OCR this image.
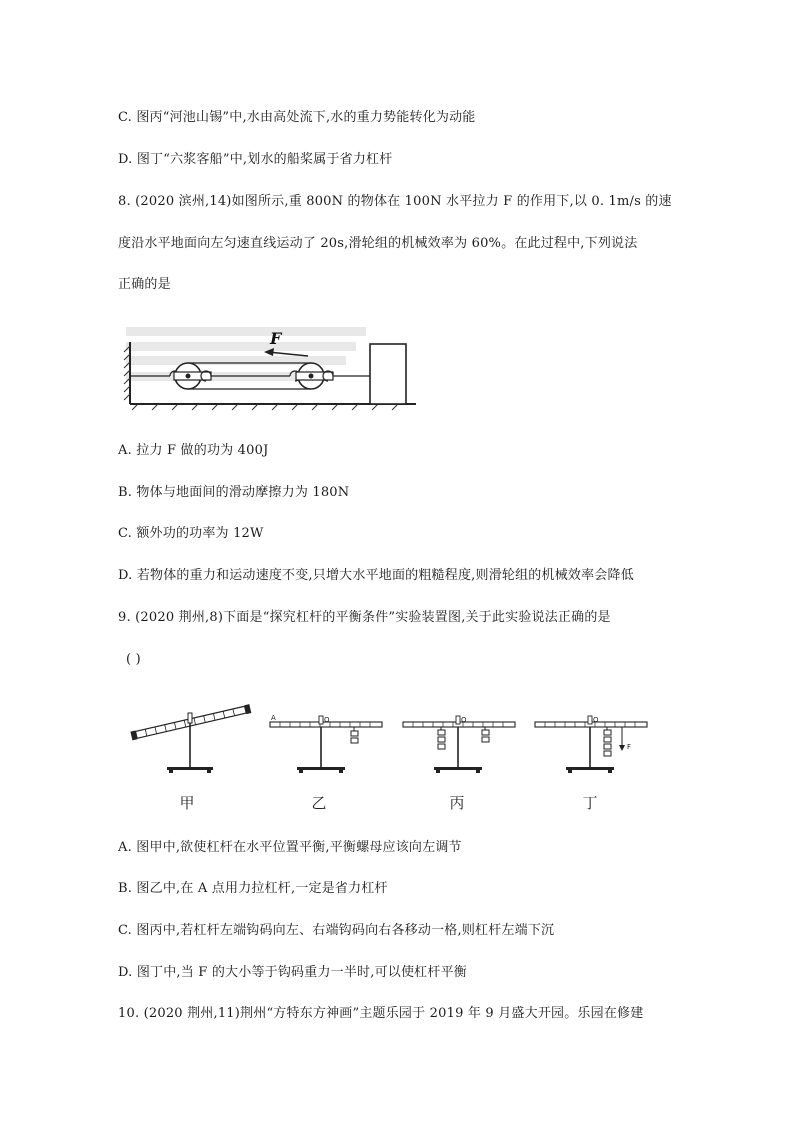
C. 图丙“河池山锡”中,水由高处流下,水的重力势能转化为动能
D. 图丁“六浆客船”中,划水的船桨属于省力杠杆
8. (2020 滨州,14)如图所示,重 800N 的物体在 100N 水平拉力 F 的作用下,以 0. 1m/s 的速
度沿水平地面向左匀速直线运动了 20s,滑轮组的机械效率为 60%。在此过程中,下列说法
正确的是
F
A. 拉力 F 做的功为 400J
B. 物体与地面间的滑动摩擦力为 180N
C. 额外功的功率为 12W
D. 若物体的重力和运动速度不变,只增大水平地面的粗糙程度,则滑轮组的机械效率会降低
9. (2020 荆州,8)下面是“探究杠杆的平衡条件”实验装置图,关于此实验说法正确的是
( )
A	O	O	O
F
甲	乙	丙	丁
A. 图甲中,欲使杠杆在水平位置平衡,平衡螺母应该向左调节
B. 图乙中,在 A 点用力拉杠杆,一定是省力杠杆
C. 图丙中,若杠杆左端钩码向左、右端钩码向右各移动一格,则杠杆左端下沉
D. 图丁中,当 F 的大小等于钩码重力一半时,可以使杠杆平衡
10. (2020 荆州,11)荆州“方特东方神画”主题乐园于 2019 年 9 月盛大开园。乐园在修建
